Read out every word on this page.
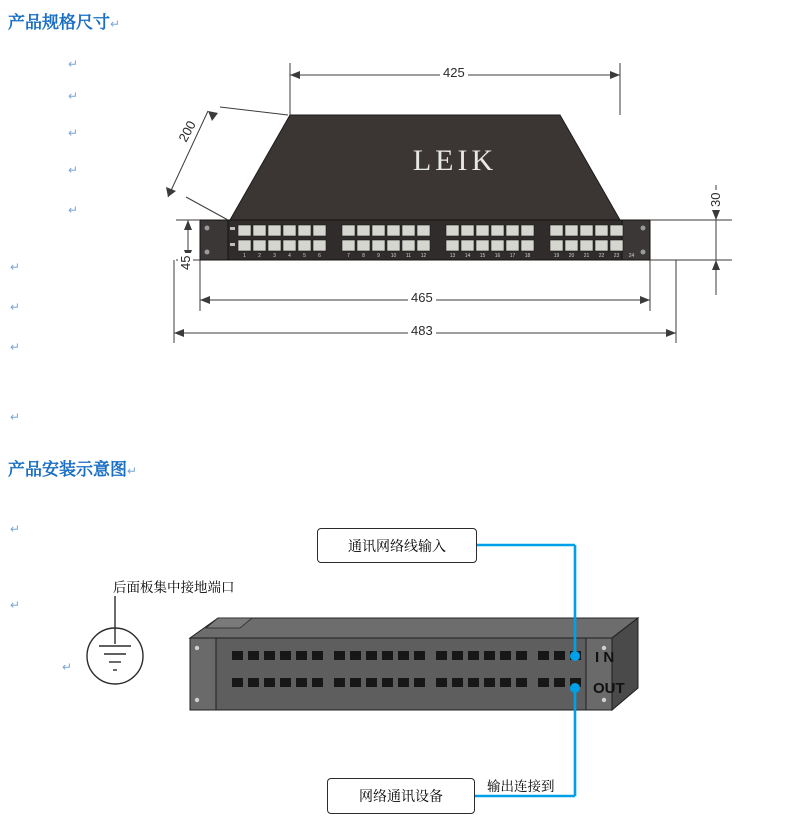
产品规格尺寸↵
↵
↵
↵
↵
↵
↵
↵
↵
↵
↵
↵
↵
LEIK
425
200
45
30
465
483
1	2	3	4	5	6	7	8	9	10	11	12	13	14	15	16	17	18	19	20	21	22	23	24
产品安装示意图↵
I N
OUT
通讯网络线输入
网络通讯设备
输出连接到
后面板集中接地端口
